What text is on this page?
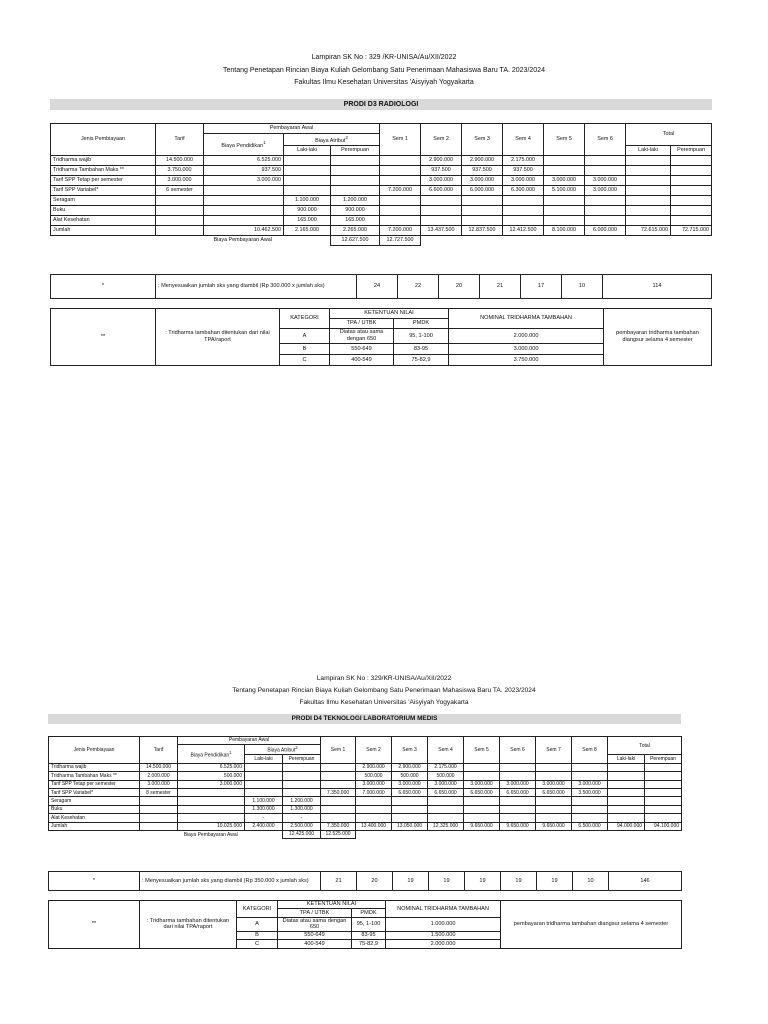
Lampiran SK No : 329 /KR-UNISA/Au/XII/2022
Tentang Penetapan Rincian Biaya Kuliah Gelombang Satu Penerimaan Mahasiswa Baru TA. 2023/2024
Fakultas Ilmu Kesehatan Universitas 'Aisyiyah Yogyakarta
PRODI D3 RADIOLOGI
Jenis Pembiayaan	Tarif	Pembayaran Awal			Sem 1	Sem 2	Sem 3	Sem 4	Sem 5	Sem 6	Total	
		Biaya Pendidikan$^1$	Biaya Atribut$^2$
			Laki-laki	Perempuan							Laki-laki	Perempuan
Tridharma wajib	14.500.000	6.525.000				2.900.000	2.900.000	2.175.000				
Tridharma Tambahan Maks **	3.750.000	937.500				937.500	937.500	937.500				
Tarif SPP Tetap per semester	3.000.000	3.000.000				3.000.000	3.000.000	3.000.000	3.000.000	3.000.000		
Tarif SPP Variabel*	6 semester				7.200.000	6.600.000	6.000.000	6.300.000	5.100.000	3.000.000		
Seragam			1.100.000	1.200.000								
Buku			900.000	900.000								
Alat Kesehatan			165.000	165.000								
Jumlah		10.462.500	2.165.000	2.265.000	7.200.000	13.437.500	12.837.500	12.412.500	8.100.000	6.000.000	72.615.000	72.715.000
	Biaya Pembayaran Awal			12.627.500	12.727.500							
*	: Menyesuaikan jumlah sks yang diambil (Rp 300.000 x jumlah sks)	24	22	20	21	17	10	114
**	: Tridharma tambahan ditentukan dari nilai TPA/raport	KATEGORI	KETENTUAN NILAI		NOMINAL TRIDHARMA TAMBAHAN	pembayaran tridharma tambahan diangsur selama 4 semester
			TPA / UTBK	PMDK		
		A	Diatas atau sama dengan 650	95, 1-100	2.000.000	
		B	550-649	83-95	3.000.000	
		C	400-549	75-82,9	3.750.000	
Lampiran SK No : 329/KR-UNISA/Au/XII/2022
Tentang Penetapan Rincian Biaya Kuliah Gelombang Satu Penerimaan Mahasiswa Baru TA. 2023/2024
Fakultas Ilmu Kesehatan Universitas 'Aisyiyah Yogyakarta
PRODI D4 TEKNOLOGI LABORATORIUM MEDIS
Jenis Pembiayaan	Tarif	Pembayaran Awal			Sem 1	Sem 2	Sem 3	Sem 4	Sem 5	Sem 6	Sem 7	Sem 8	Total	
		Biaya Pendidikan$^1$	Biaya Atribut$^2$
			Laki-laki	Perempuan									Laki-laki	Perempuan
Tridharma wajib	14.500.000	6.525.000				2.900.000	2.900.000	2.175.000						
Tridharma Tambahan Maks **	2.000.000	500.000				500.000	500.000	500.000						
Tarif SPP Tetap per semester	3.000.000	3.000.000				3.000.000	3.000.000	3.000.000	3.000.000	3.000.000	3.000.000	3.000.000		
Tarif SPP Variabel*	8 semester				7.350.000	7.000.000	6.650.000	6.650.000	6.650.000	6.650.000	6.650.000	3.500.000		
Seragam			1.100.000	1.200.000										
Buku			1.300.000	1.300.000										
Alat Kesehatan			-	-										
Jumlah		10.025.000	2.400.000	2.500.000	7.350.000	13.400.000	13.050.000	12.325.000	9.650.000	9.650.000	9.650.000	6.500.000	94.000.000	94.100.000
	Biaya Pembayaran Awal			12.425.000	12.525.000									
*	: Menyesuaikan jumlah sks yang diambil (Rp 350.000 x jumlah sks)	21	20	19	19	19	19	19	10	146
**	: Tridharma tambahan ditentukan dari nilai TPA/raport	KATEGORI	KETENTUAN NILAI		NOMINAL TRIDHARMA TAMBAHAN	pembayaran tridharma tambahan diangsur selama 4 semester
			TPA / UTBK	PMDK		
		A	Diatas atau sama dengan 650	95, 1-100	1.000.000	
		B	550-649	83-95	1.500.000	
		C	400-549	75-82,9	2.000.000	
